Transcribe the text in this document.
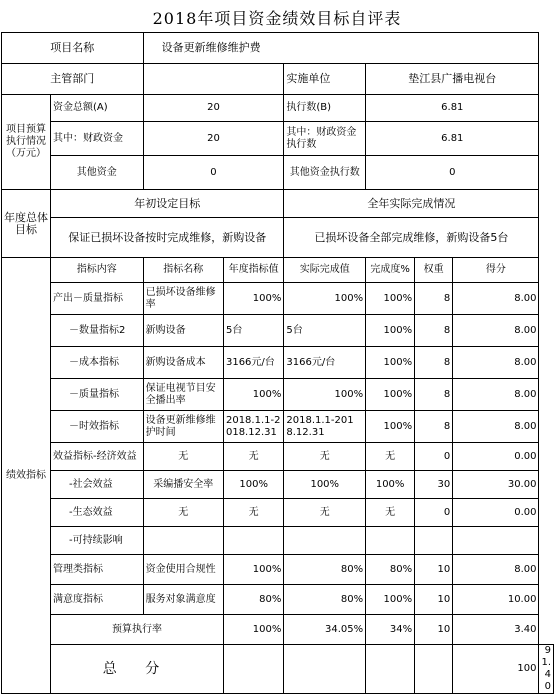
2018年项目资金绩效目标自评表
项目名称		设备更新维修维护费						
主管部门				实施单位	垫江县广播电视台			
项目预算执行情况（万元）	资金总额(A)	20		执行数(B)	6.81			
	其中：财政资金	20		其中：财政资金执行数	6.81			
	其他资金	0		其他资金执行数	0			
年度总体目标	年初设定目标			全年实际完成情况				
	保证已损坏设备按时完成维修，新购设备			已损坏设备全部完成维修，新购设备5台				
绩效指标	指标内容	指标名称	年度指标值	实际完成值	完成度%	权重	得分	
	产出－质量指标	已损坏设备维修率	100%	100%	100%	8	8.00	
	－数量指标2	新购设备	5台	5台	100%	8	8.00	
	－成本指标	新购设备成本	3166元/台	3166元/台	100%	8	8.00	
	－质量指标	保证电视节目安全播出率	100%	100%	100%	8	8.00	
	－时效指标	设备更新维修维护时间	2018.1.1-2018.12.31	2018.1.1-2018.12.31	100%	8	8.00	
	效益指标-经济效益	无	无	无	无	0	0.00	
	-社会效益	采编播安全率	100%	100%	100%	30	30.00	
	-生态效益	无	无	无	无	0	0.00	
	-可持续影响							
	管理类指标	资金使用合规性	100%	80%	80%	10	8.00	
	满意度指标	服务对象满意度	80%	80%	100%	10	10.00	
	预算执行率		100%	34.05%	34%	10	3.40	
	总 分						100	91.40
